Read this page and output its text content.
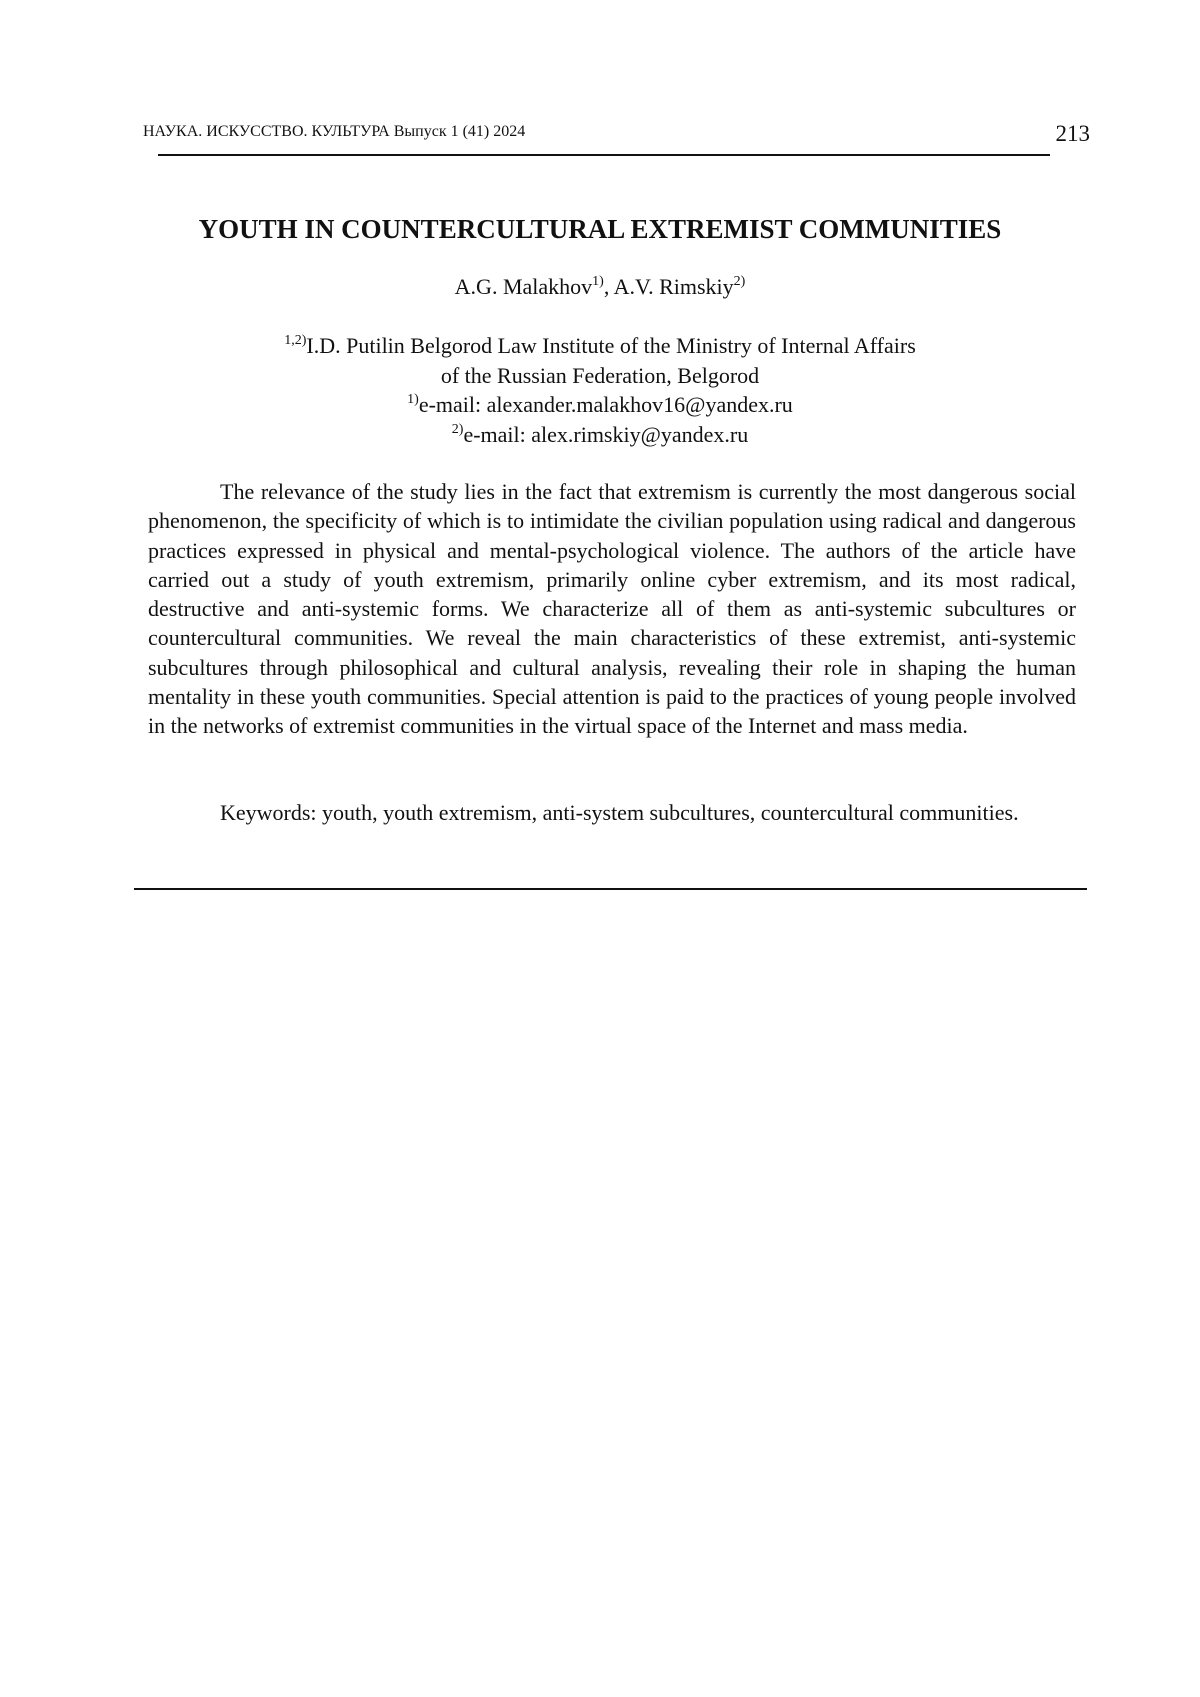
НАУКА. ИСКУССТВО. КУЛЬТУРА Выпуск 1 (41) 2024	213
YOUTH IN COUNTERCULTURAL EXTREMIST COMMUNITIES
A.G. Malakhov$^{1)}$, A.V. Rimskiy$^{2)}$
$^{1,2)}$I.D. Putilin Belgorod Law Institute of the Ministry of Internal Affairs
of the Russian Federation, Belgorod
$^{1)}$e-mail: alexander.malakhov16@yandex.ru
$^{2)}$e-mail: alex.rimskiy@yandex.ru

The relevance of the study lies in the fact that extremism is currently the most dangerous social phenomenon, the specificity of which is to intimidate the civilian population using radical and dangerous practices expressed in physical and mental-psychological violence. The authors of the article have carried out a study of youth extremism, primarily online cyber extremism, and its most radical, destructive and anti-systemic forms. We characterize all of them as anti-systemic subcultures or countercultural communities. We reveal the main characteristics of these extremist, anti-systemic subcultures through philosophical and cultural analysis, revealing their role in shaping the human mentality in these youth communities. Special attention is paid to the practices of young people involved in the networks of extremist communities in the virtual space of the Internet and mass media.

Keywords: youth, youth extremism, anti-system subcultures, countercultural communities.
